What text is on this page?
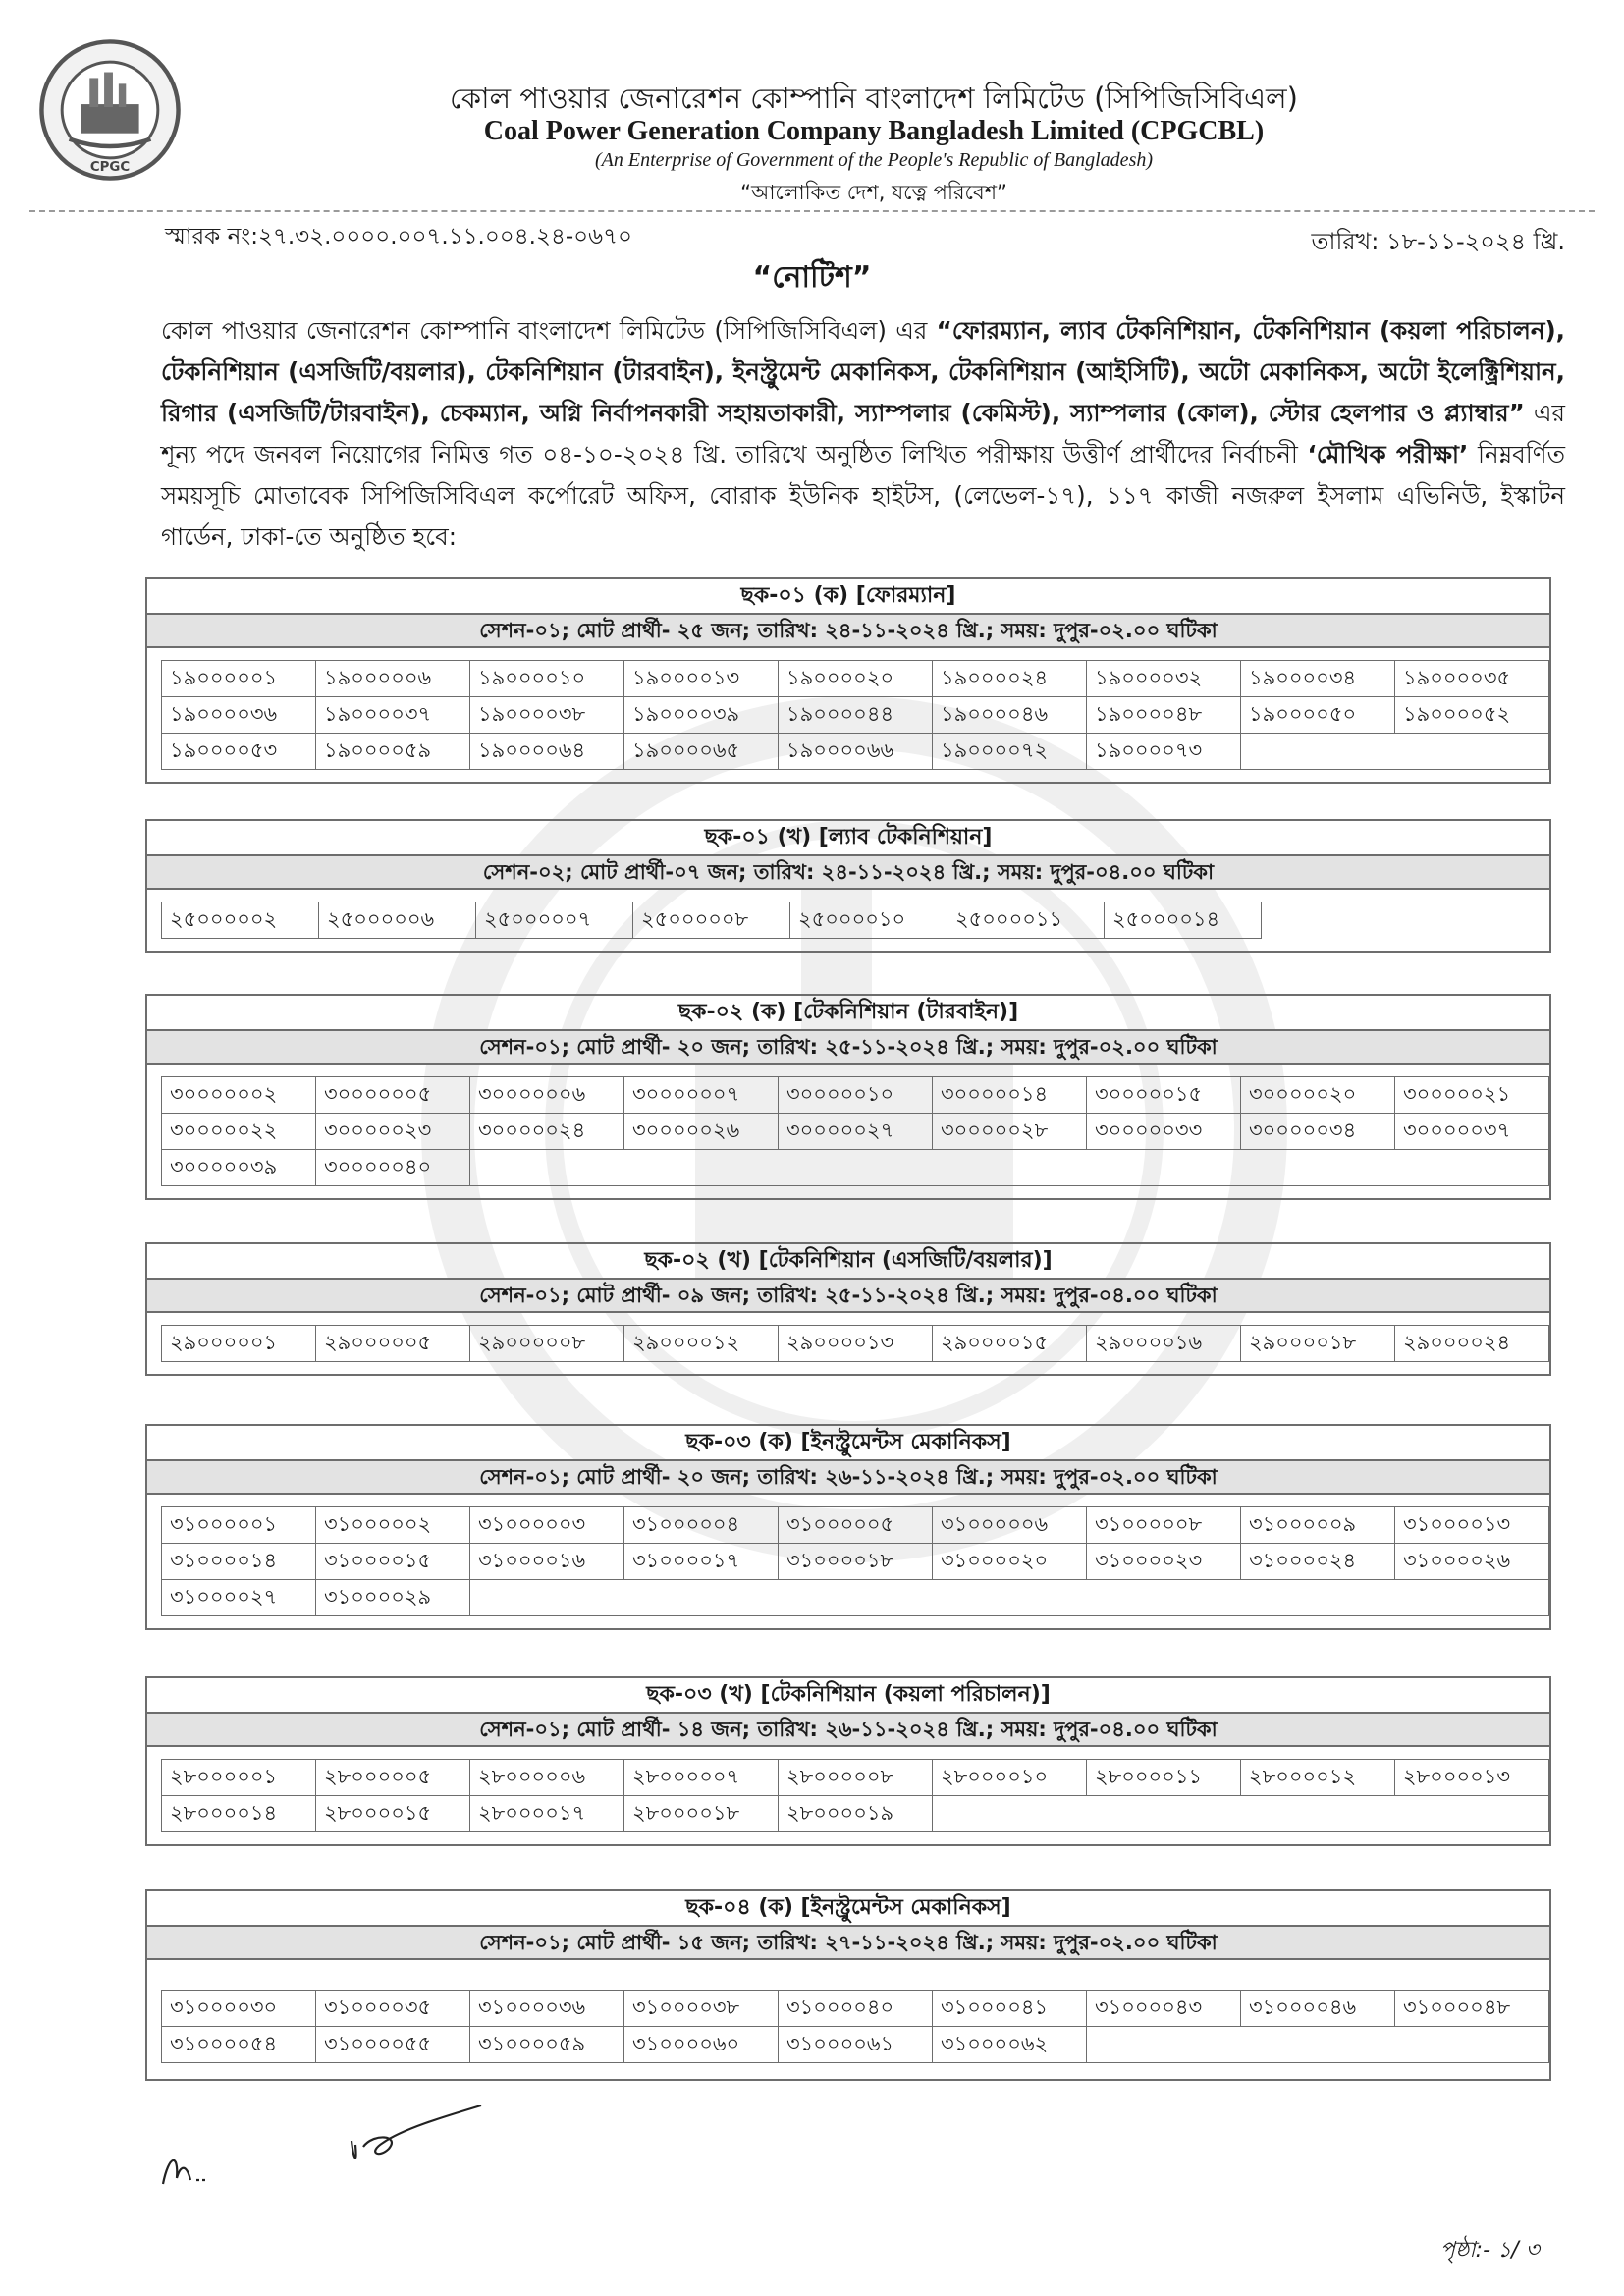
CPGC
কোল পাওয়ার জেনারেশন কোম্পানি বাংলাদেশ লিমিটেড (সিপিজিসিবিএল)
Coal Power Generation Company Bangladesh Limited (CPGCBL)
(An Enterprise of Government of the People's Republic of Bangladesh)
“আলোকিত দেশ, যত্নে পরিবেশ”
স্মারক নং:২৭.৩২.০০০০.০০৭.১১.০০৪.২৪-০৬৭০	তারিখ: ১৮-১১-২০২৪ খ্রি.
“নোটিশ”
কোল পাওয়ার জেনারেশন কোম্পানি বাংলাদেশ লিমিটেড (সিপিজিসিবিএল) এর “ফোরম্যান, ল্যাব টেকনিশিয়ান, টেকনিশিয়ান (কয়লা পরিচালন), টেকনিশিয়ান (এসজিটি/বয়লার), টেকনিশিয়ান (টারবাইন), ইনস্ট্রুমেন্ট মেকানিকস, টেকনিশিয়ান (আইসিটি), অটো মেকানিকস, অটো ইলেক্ট্রিশিয়ান, রিগার (এসজিটি/টারবাইন), চেকম্যান, অগ্নি নির্বাপনকারী সহায়তাকারী, স্যাম্পলার (কেমিস্ট), স্যাম্পলার (কোল), স্টোর হেলপার ও প্ল্যাম্বার” এর শূন্য পদে জনবল নিয়োগের নিমিত্ত গত ০৪-১০-২০২৪ খ্রি. তারিখে অনুষ্ঠিত লিখিত পরীক্ষায় উত্তীর্ণ প্রার্থীদের নির্বাচনী ‘মৌখিক পরীক্ষা’ নিম্নবর্ণিত সময়সূচি মোতাবেক সিপিজিসিবিএল কর্পোরেট অফিস, বোরাক ইউনিক হাইটস, (লেভেল-১৭), ১১৭ কাজী নজরুল ইসলাম এভিনিউ, ইস্কাটন গার্ডেন, ঢাকা-তে অনুষ্ঠিত হবে:
ছক-০১ (ক) [ফোরম্যান]
সেশন-০১; মোট প্রার্থী- ২৫ জন; তারিখ: ২৪-১১-২০২৪ খ্রি.; সময়: দুপুর-০২.০০ ঘটিকা
১৯০০০০০১	১৯০০০০০৬	১৯০০০০১০	১৯০০০০১৩	১৯০০০০২০	১৯০০০০২৪	১৯০০০০৩২	১৯০০০০৩৪	১৯০০০০৩৫
১৯০০০০৩৬	১৯০০০০৩৭	১৯০০০০৩৮	১৯০০০০৩৯	১৯০০০০৪৪	১৯০০০০৪৬	১৯০০০০৪৮	১৯০০০০৫০	১৯০০০০৫২
১৯০০০০৫৩	১৯০০০০৫৯	১৯০০০০৬৪	১৯০০০০৬৫	১৯০০০০৬৬	১৯০০০০৭২	১৯০০০০৭৩		
ছক-০১ (খ) [ল্যাব টেকনিশিয়ান]
সেশন-০২; মোট প্রার্থী-০৭ জন; তারিখ: ২৪-১১-২০২৪ খ্রি.; সময়: দুপুর-০৪.০০ ঘটিকা
২৫০০০০০২	২৫০০০০০৬	২৫০০০০০৭	২৫০০০০০৮	২৫০০০০১০	২৫০০০০১১	২৫০০০০১৪
ছক-০২ (ক) [টেকনিশিয়ান (টারবাইন)]
সেশন-০১; মোট প্রার্থী- ২০ জন; তারিখ: ২৫-১১-২০২৪ খ্রি.; সময়: দুপুর-০২.০০ ঘটিকা
৩০০০০০০২	৩০০০০০০৫	৩০০০০০০৬	৩০০০০০০৭	৩০০০০০১০	৩০০০০০১৪	৩০০০০০১৫	৩০০০০০২০	৩০০০০০২১
৩০০০০০২২	৩০০০০০২৩	৩০০০০০২৪	৩০০০০০২৬	৩০০০০০২৭	৩০০০০০২৮	৩০০০০০৩৩	৩০০০০০৩৪	৩০০০০০৩৭
৩০০০০০৩৯	৩০০০০০৪০							
ছক-০২ (খ) [টেকনিশিয়ান (এসজিটি/বয়লার)]
সেশন-০১; মোট প্রার্থী- ০৯ জন; তারিখ: ২৫-১১-২০২৪ খ্রি.; সময়: দুপুর-০৪.০০ ঘটিকা
২৯০০০০০১	২৯০০০০০৫	২৯০০০০০৮	২৯০০০০১২	২৯০০০০১৩	২৯০০০০১৫	২৯০০০০১৬	২৯০০০০১৮	২৯০০০০২৪
ছক-০৩ (ক) [ইনস্ট্রুমেন্টস মেকানিকস]
সেশন-০১; মোট প্রার্থী- ২০ জন; তারিখ: ২৬-১১-২০২৪ খ্রি.; সময়: দুপুর-০২.০০ ঘটিকা
৩১০০০০০১	৩১০০০০০২	৩১০০০০০৩	৩১০০০০০৪	৩১০০০০০৫	৩১০০০০০৬	৩১০০০০০৮	৩১০০০০০৯	৩১০০০০১৩
৩১০০০০১৪	৩১০০০০১৫	৩১০০০০১৬	৩১০০০০১৭	৩১০০০০১৮	৩১০০০০২০	৩১০০০০২৩	৩১০০০০২৪	৩১০০০০২৬
৩১০০০০২৭	৩১০০০০২৯							
ছক-০৩ (খ) [টেকনিশিয়ান (কয়লা পরিচালন)]
সেশন-০১; মোট প্রার্থী- ১৪ জন; তারিখ: ২৬-১১-২০২৪ খ্রি.; সময়: দুপুর-০৪.০০ ঘটিকা
২৮০০০০০১	২৮০০০০০৫	২৮০০০০০৬	২৮০০০০০৭	২৮০০০০০৮	২৮০০০০১০	২৮০০০০১১	২৮০০০০১২	২৮০০০০১৩
২৮০০০০১৪	২৮০০০০১৫	২৮০০০০১৭	২৮০০০০১৮	২৮০০০০১৯				
ছক-০৪ (ক) [ইনস্ট্রুমেন্টস মেকানিকস]
সেশন-০১; মোট প্রার্থী- ১৫ জন; তারিখ: ২৭-১১-২০২৪ খ্রি.; সময়: দুপুর-০২.০০ ঘটিকা
৩১০০০০৩০	৩১০০০০৩৫	৩১০০০০৩৬	৩১০০০০৩৮	৩১০০০০৪০	৩১০০০০৪১	৩১০০০০৪৩	৩১০০০০৪৬	৩১০০০০৪৮
৩১০০০০৫৪	৩১০০০০৫৫	৩১০০০০৫৯	৩১০০০০৬০	৩১০০০০৬১	৩১০০০০৬২			
পৃষ্ঠা:- ১/ ৩
